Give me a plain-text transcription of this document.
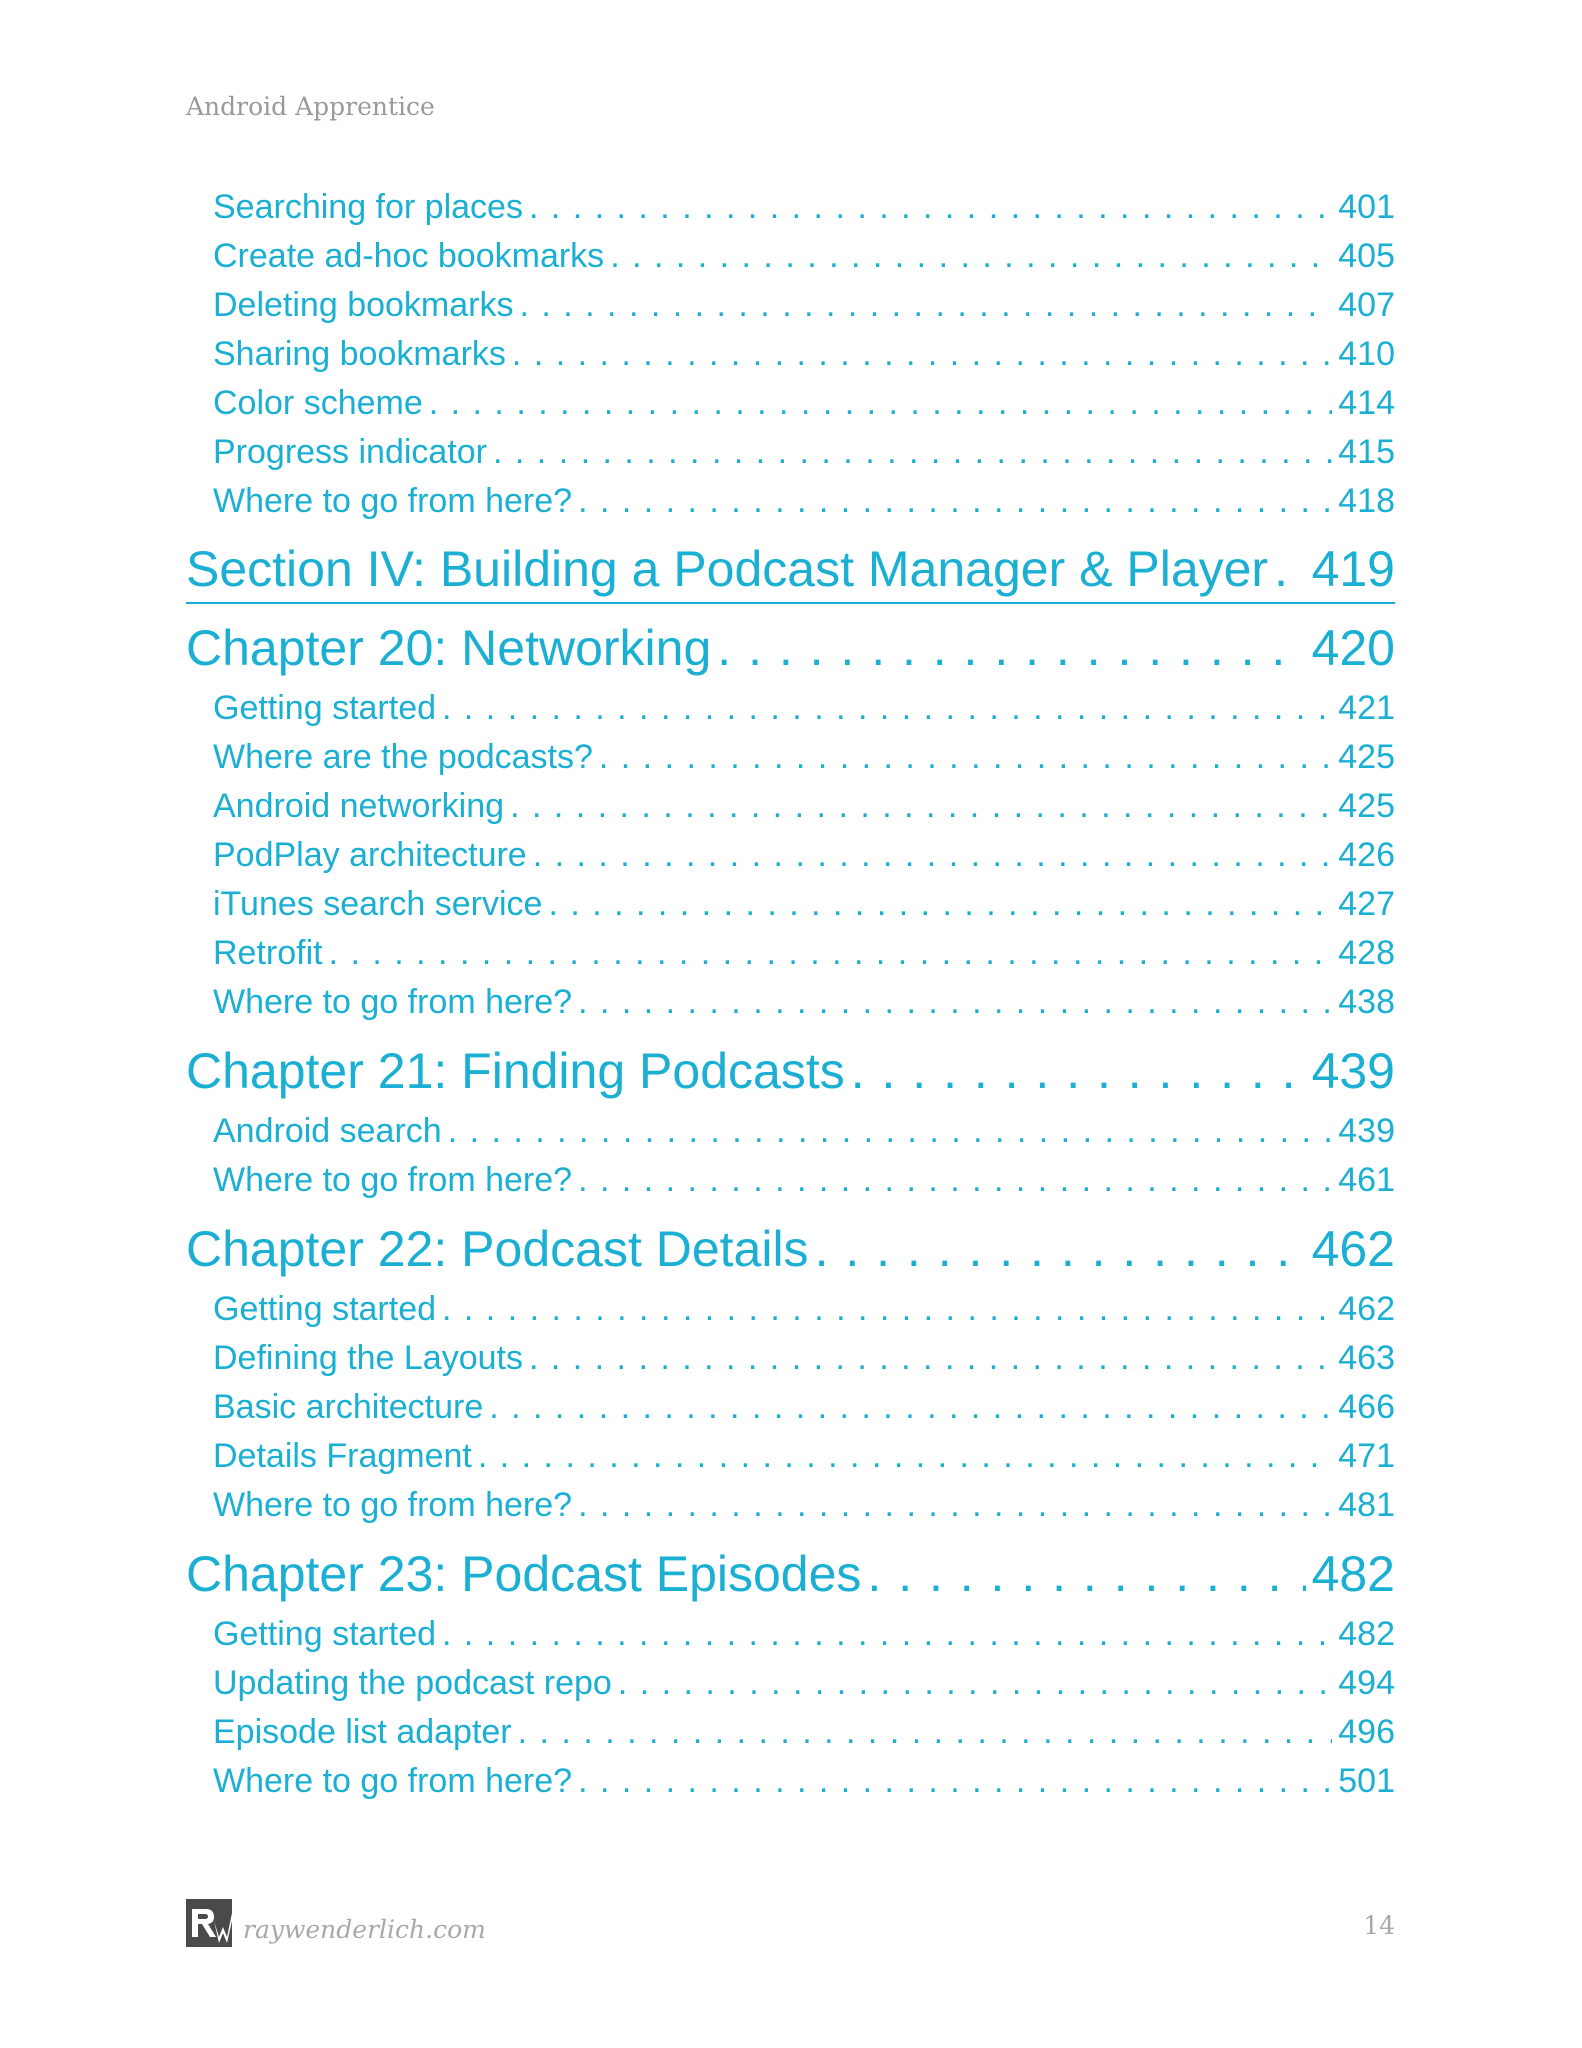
Android Apprentice
Searching for places . . .	401
Create ad-hoc bookmarks . . .	405
Deleting bookmarks . . .	407
Sharing bookmarks . . .	410
Color scheme . . .	414
Progress indicator . . .	415
Where to go from here? . . .	418
Section IV: Building a Podcast Manager & Player . . . 419
Chapter 20: Networking . . .	420
Getting started . . .	421
Where are the podcasts? . . .	425
Android networking . . .	425
PodPlay architecture . . .	426
iTunes search service . . .	427
Retrofit . . .	428
Where to go from here? . . .	438
Chapter 21: Finding Podcasts . . .	439
Android search . . .	439
Where to go from here? . . .	461
Chapter 22: Podcast Details . . .	462
Getting started . . .	462
Defining the Layouts . . .	463
Basic architecture . . .	466
Details Fragment . . .	471
Where to go from here? . . .	481
Chapter 23: Podcast Episodes . . .	482
Getting started . . .	482
Updating the podcast repo . . .	494
Episode list adapter . . .	496
Where to go from here? . . .	501
raywenderlich.com	14
